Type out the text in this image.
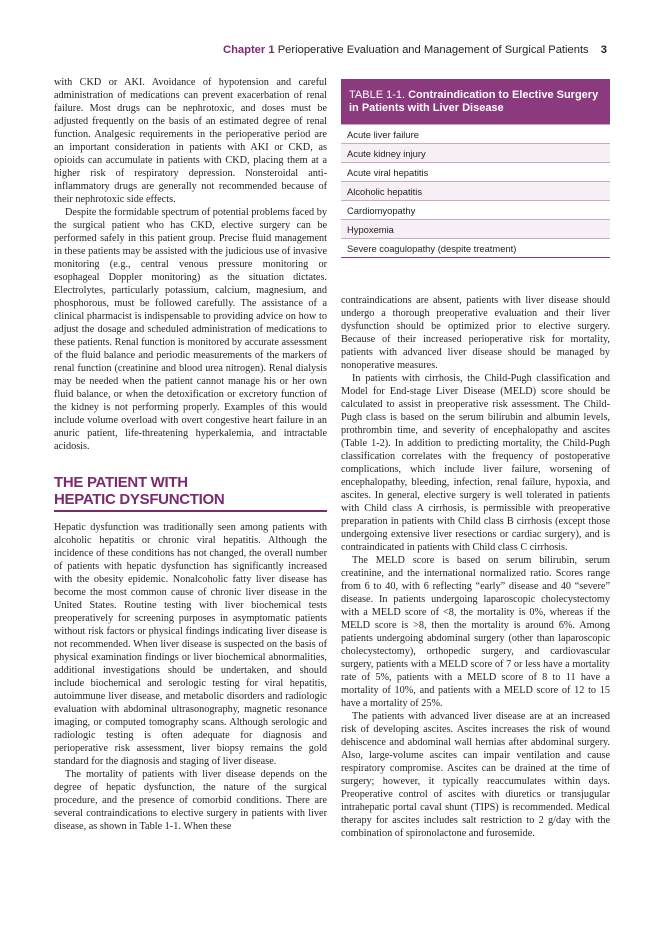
Chapter 1 Perioperative Evaluation and Management of Surgical Patients 3

with CKD or AKI. Avoidance of hypotension and careful administration of medications can prevent exacerbation of renal failure. Most drugs can be nephrotoxic, and doses must be adjusted frequently on the basis of an estimated degree of renal function. Analgesic requirements in the perioperative period are an important consideration in patients with AKI or CKD, as opioids can accumulate in patients with CKD, placing them at a higher risk of respiratory depression. Nonsteroidal anti-inflammatory drugs are generally not recommended because of their nephrotoxic side effects.

Despite the formidable spectrum of potential problems faced by the surgical patient who has CKD, elective surgery can be performed safely in this patient group. Precise fluid management in these patients may be assisted with the judicious use of invasive monitoring (e.g., central venous pressure monitoring or esophageal Doppler monitoring) as the situation dictates. Electrolytes, particularly potassium, calcium, magnesium, and phosphorous, must be followed carefully. The assistance of a clinical pharmacist is indispensable to providing advice on how to adjust the dosage and scheduled administration of medications to these patients. Renal function is monitored by accurate assessment of the fluid balance and periodic measurements of the markers of renal function (creatinine and blood urea nitrogen). Renal dialysis may be needed when the patient cannot manage his or her own fluid balance, or when the detoxification or excretory function of the kidney is not performing properly. Examples of this would include volume overload with overt congestive heart failure in an anuric patient, life-threatening hyperkalemia, and intractable acidosis.

THE PATIENT WITH
HEPATIC DYSFUNCTION

Hepatic dysfunction was traditionally seen among patients with alcoholic hepatitis or chronic viral hepatitis. Although the incidence of these conditions has not changed, the overall number of patients with hepatic dysfunction has significantly increased with the obesity epidemic. Nonalcoholic fatty liver disease has become the most common cause of chronic liver disease in the United States. Routine testing with liver biochemical tests preoperatively for screening purposes in asymptomatic patients without risk factors or physical findings indicating liver disease is not recommended. When liver disease is suspected on the basis of physical examination findings or liver biochemical abnormalities, additional investigations should be undertaken, and should include biochemical and serologic testing for viral hepatitis, autoimmune liver disease, and metabolic disorders and radiologic evaluation with abdominal ultrasonography, magnetic resonance imaging, or computed tomography scans. Although serologic and radiologic testing is often adequate for diagnosis and perioperative risk assessment, liver biopsy remains the gold standard for the diagnosis and staging of liver disease.

The mortality of patients with liver disease depends on the degree of hepatic dysfunction, the nature of the surgical procedure, and the presence of comorbid conditions. There are several contraindications to elective surgery in patients with liver disease, as shown in Table 1-1. When these

TABLE 1-1. Contraindication to Elective Surgery in Patients with Liver Disease
Acute liver failure
Acute kidney injury
Acute viral hepatitis
Alcoholic hepatitis
Cardiomyopathy
Hypoxemia
Severe coagulopathy (despite treatment)

contraindications are absent, patients with liver disease should undergo a thorough preoperative evaluation and their liver dysfunction should be optimized prior to elective surgery. Because of their increased perioperative risk for mortality, patients with advanced liver disease should be managed by nonoperative measures.

In patients with cirrhosis, the Child-Pugh classification and Model for End-stage Liver Disease (MELD) score should be calculated to assist in preoperative risk assessment. The Child-Pugh class is based on the serum bilirubin and albumin levels, prothrombin time, and severity of encephalopathy and ascites (Table 1-2). In addition to predicting mortality, the Child-Pugh classification correlates with the frequency of postoperative complications, which include liver failure, worsening of encephalopathy, bleeding, infection, renal failure, hypoxia, and ascites. In general, elective surgery is well tolerated in patients with Child class A cirrhosis, is permissible with preoperative preparation in patients with Child class B cirrhosis (except those undergoing extensive liver resections or cardiac surgery), and is contraindicated in patients with Child class C cirrhosis.

The MELD score is based on serum bilirubin, serum creatinine, and the international normalized ratio. Scores range from 6 to 40, with 6 reflecting “early” disease and 40 “severe” disease. In patients undergoing laparoscopic cholecystectomy with a MELD score of <8, the mortality is 0%, whereas if the MELD score is >8, then the mortality is around 6%. Among patients undergoing abdominal surgery (other than laparoscopic cholecystectomy), orthopedic surgery, and cardiovascular surgery, patients with a MELD score of 7 or less have a mortality rate of 5%, patients with a MELD score of 8 to 11 have a mortality of 10%, and patients with a MELD score of 12 to 15 have a mortality of 25%.

The patients with advanced liver disease are at an increased risk of developing ascites. Ascites increases the risk of wound dehiscence and abdominal wall hernias after abdominal surgery. Also, large-volume ascites can impair ventilation and cause respiratory compromise. Ascites can be drained at the time of surgery; however, it typically reaccumulates within days. Preoperative control of ascites with diuretics or transjugular intrahepatic portal caval shunt (TIPS) is recommended. Medical therapy for ascites includes salt restriction to 2 g/day with the combination of spironolactone and furosemide.
